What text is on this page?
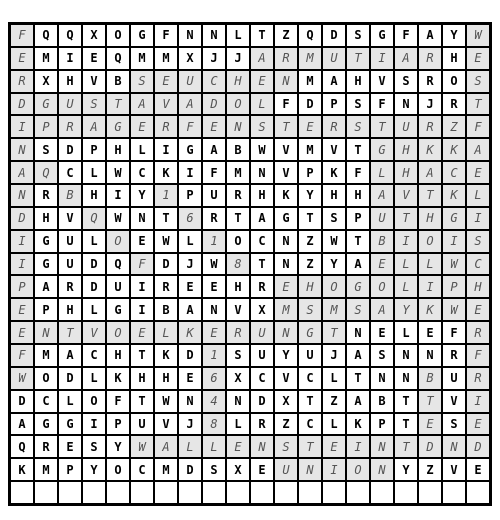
F	Q	Q	X	O	G	F	N	N	L	T	Z	Q	D	S	G	F	A	Y	W
E	M	I	E	Q	M	M	X	J	J	A	R	M	U	T	I	A	R	H	E
R	X	H	V	B	S	E	U	C	H	E	N	M	A	H	V	S	R	O	S
D	G	U	S	T	A	V	A	D	O	L	F	D	P	S	F	N	J	R	T
I	P	R	A	G	E	R	F	E	N	S	T	E	R	S	T	U	R	Z	F
N	S	D	P	H	L	I	G	A	B	W	V	M	V	T	G	H	K	K	A
A	Q	C	L	W	C	K	I	F	M	N	V	P	K	F	L	H	A	C	E
N	R	B	H	I	Y	1	P	U	R	H	K	Y	H	H	A	V	T	K	L
D	H	V	Q	W	N	T	6	R	T	A	G	T	S	P	U	T	H	G	I
I	G	U	L	O	E	W	L	1	O	C	N	Z	W	T	B	I	O	I	S
I	G	U	D	Q	F	D	J	W	8	T	N	Z	Y	A	E	L	L	W	C
P	A	R	D	U	I	R	E	E	H	R	E	H	O	G	O	L	I	P	H
E	P	H	L	G	I	B	A	N	V	X	M	S	M	S	A	Y	K	W	E
E	N	T	V	O	E	L	K	E	R	U	N	G	T	N	E	L	E	F	R
F	M	A	C	H	T	K	D	1	S	U	Y	U	J	A	S	N	N	R	F
W	O	D	L	K	H	H	E	6	X	C	V	C	L	T	N	N	B	U	R
D	C	L	O	F	T	W	N	4	N	D	X	T	Z	A	B	T	T	V	I
A	G	G	I	P	U	V	J	8	L	R	Z	C	L	K	P	T	E	S	E
Q	R	E	S	Y	W	A	L	L	E	N	S	T	E	I	N	T	D	N	D
K	M	P	Y	O	C	M	D	S	X	E	U	N	I	O	N	Y	Z	V	E
